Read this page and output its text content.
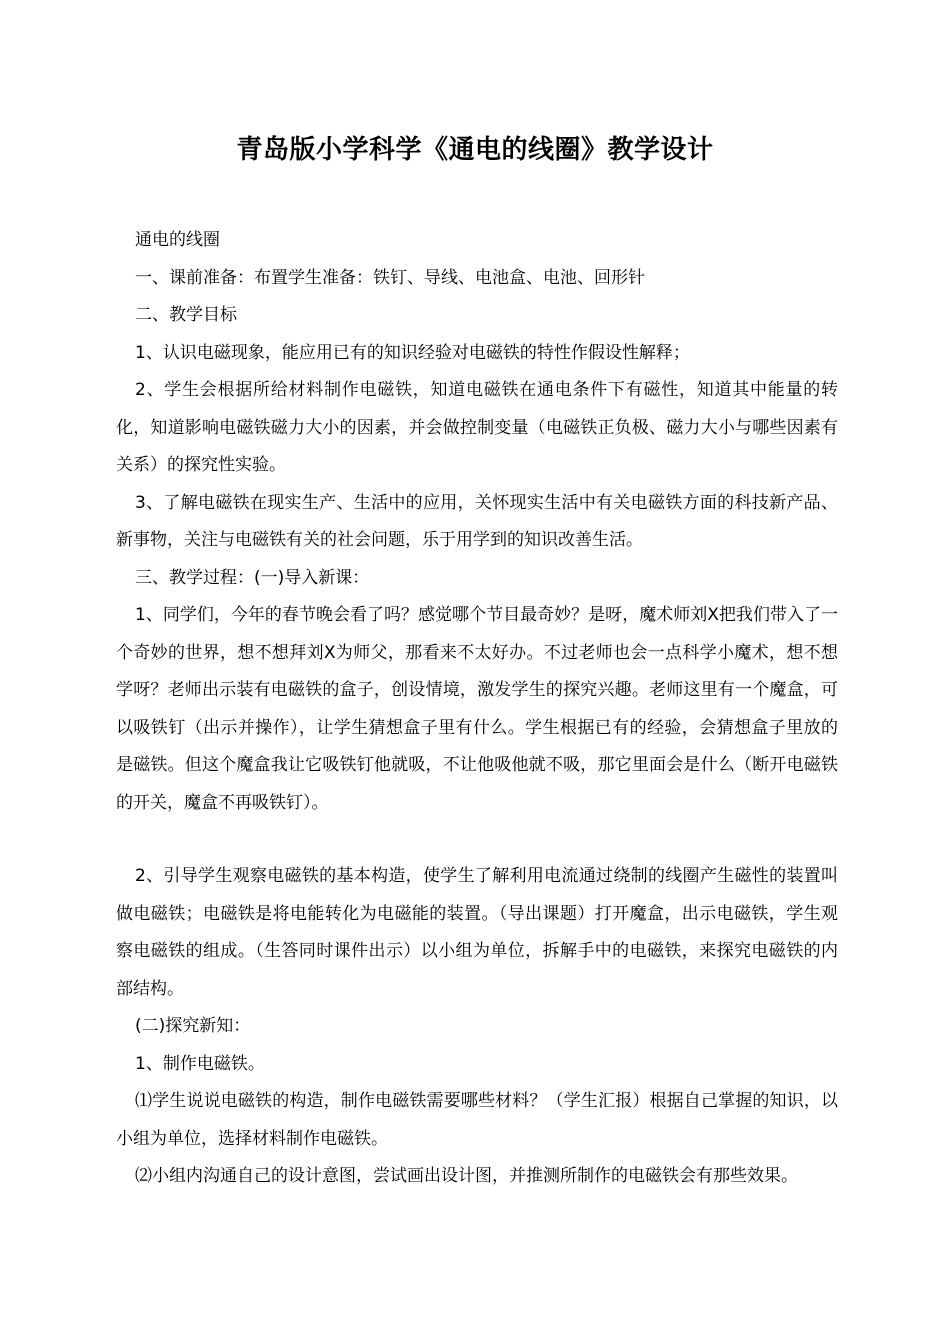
青岛版小学科学《通电的线圈》教学设计

通电的线圈

一、课前准备：布置学生准备：铁钉、导线、电池盒、电池、回形针

二、教学目标

1、认识电磁现象，能应用已有的知识经验对电磁铁的特性作假设性解释；

2、学生会根据所给材料制作电磁铁，知道电磁铁在通电条件下有磁性，知道其中能量的转化，知道影响电磁铁磁力大小的因素，并会做控制变量（电磁铁正负极、磁力大小与哪些因素有关系）的探究性实验。

3、了解电磁铁在现实生产、生活中的应用，关怀现实生活中有关电磁铁方面的科技新产品、新事物，关注与电磁铁有关的社会问题，乐于用学到的知识改善生活。

三、教学过程：(一)导入新课：

1、同学们，今年的春节晚会看了吗？感觉哪个节目最奇妙？是呀，魔术师刘X把我们带入了一个奇妙的世界，想不想拜刘X为师父，那看来不太好办。不过老师也会一点科学小魔术，想不想学呀？老师出示装有电磁铁的盒子，创设情境，激发学生的探究兴趣。老师这里有一个魔盒，可以吸铁钉（出示并操作），让学生猜想盒子里有什么。学生根据已有的经验，会猜想盒子里放的是磁铁。但这个魔盒我让它吸铁钉他就吸，不让他吸他就不吸，那它里面会是什么（断开电磁铁的开关，魔盒不再吸铁钉）。

2、引导学生观察电磁铁的基本构造，使学生了解利用电流通过绕制的线圈产生磁性的装置叫做电磁铁；电磁铁是将电能转化为电磁能的装置。（导出课题）打开魔盒，出示电磁铁，学生观察电磁铁的组成。（生答同时课件出示）以小组为单位，拆解手中的电磁铁，来探究电磁铁的内部结构。

(二)探究新知：

1、制作电磁铁。

⑴学生说说电磁铁的构造，制作电磁铁需要哪些材料？（学生汇报）根据自己掌握的知识，以小组为单位，选择材料制作电磁铁。

⑵小组内沟通自己的设计意图，尝试画出设计图，并推测所制作的电磁铁会有那些效果。
